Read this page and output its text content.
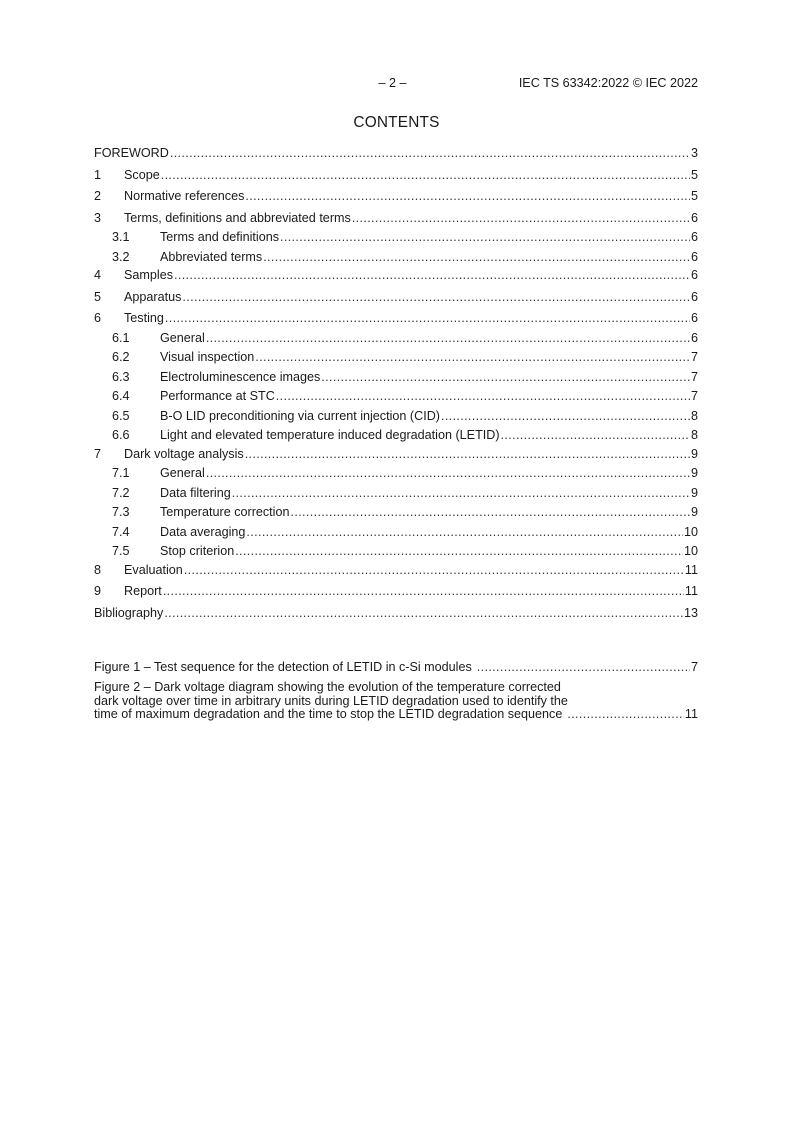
– 2 –	IEC TS 63342:2022 © IEC 2022
CONTENTS
FOREWORD .....	3
1	Scope .....	5
2	Normative references .....	5
3	Terms, definitions and abbreviated terms .....	6
3.1	Terms and definitions .....	6
3.2	Abbreviated terms .....	6
4	Samples .....	6
5	Apparatus .....	6
6	Testing .....	6
6.1	General .....	6
6.2	Visual inspection .....	7
6.3	Electroluminescence images .....	7
6.4	Performance at STC .....	7
6.5	B-O LID preconditioning via current injection (CID) .....	8
6.6	Light and elevated temperature induced degradation (LETID) .....	8
7	Dark voltage analysis .....	9
7.1	General .....	9
7.2	Data filtering .....	9
7.3	Temperature correction .....	9
7.4	Data averaging .....	10
7.5	Stop criterion .....	10
8	Evaluation .....	11
9	Report .....	11
Bibliography .....	13
Figure 1 – Test sequence for the detection of LETID in c-Si modules .....	7
Figure 2 – Dark voltage diagram showing the evolution of the temperature corrected
dark voltage over time in arbitrary units during LETID degradation used to identify the
time of maximum degradation and the time to stop the LETID degradation sequence .....	11
